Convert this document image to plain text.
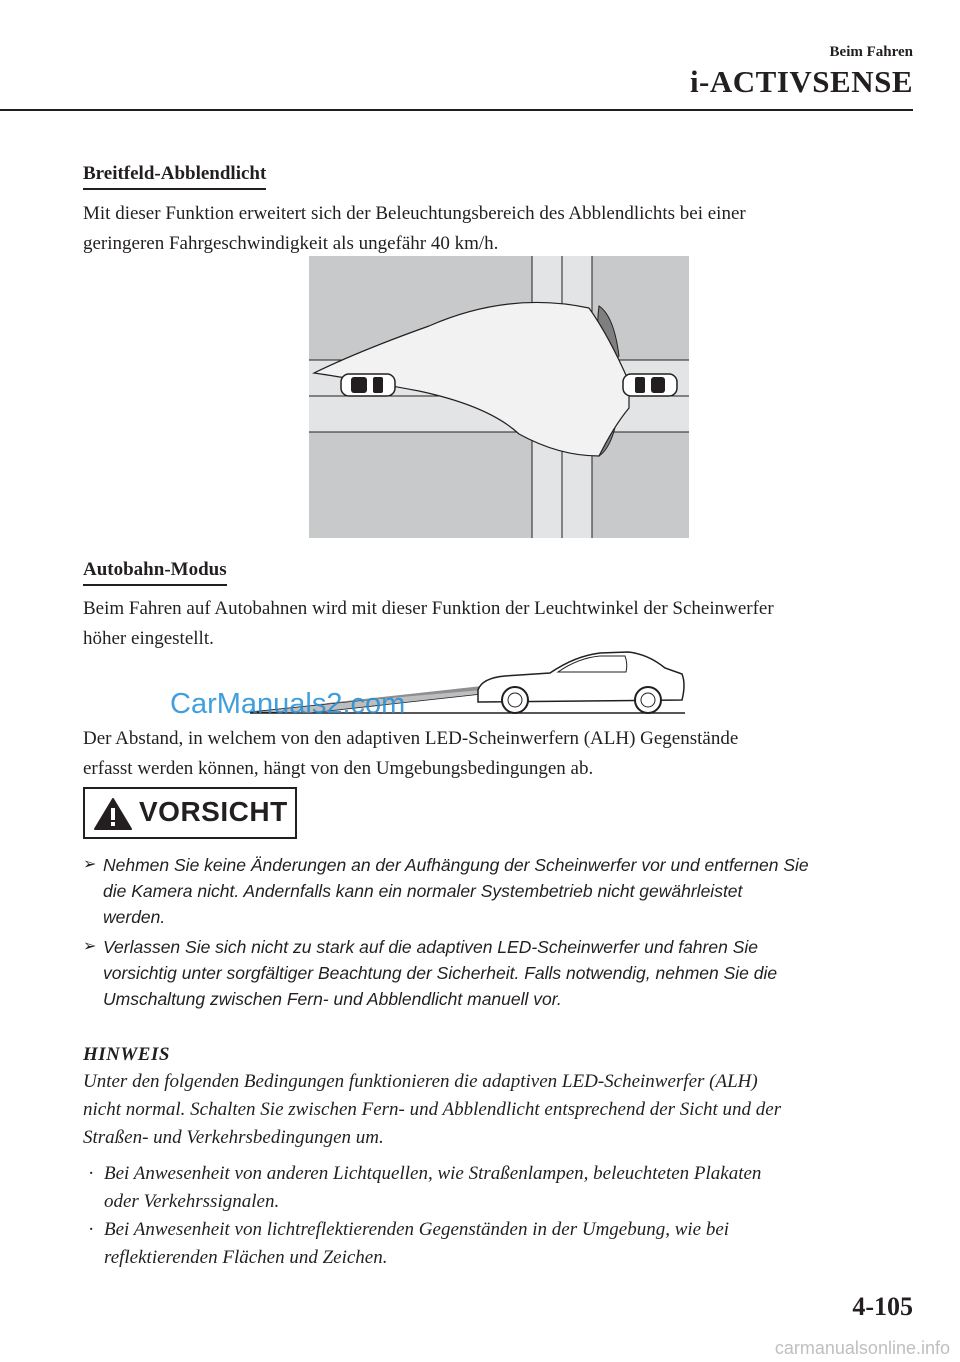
Beim Fahren
i-ACTIVSENSE
Breitfeld-Abblendlicht
Mit dieser Funktion erweitert sich der Beleuchtungsbereich des Abblendlichts bei einer
geringeren Fahrgeschwindigkeit als ungefähr 40 km/h.
Autobahn-Modus
Beim Fahren auf Autobahnen wird mit dieser Funktion der Leuchtwinkel der Scheinwerfer
höher eingestellt.
CarManuals2.com
Der Abstand, in welchem von den adaptiven LED-Scheinwerfern (ALH) Gegenstände
erfasst werden können, hängt von den Umgebungsbedingungen ab.
VORSICHT
➢ Nehmen Sie keine Änderungen an der Aufhängung der Scheinwerfer vor und entfernen Sie
die Kamera nicht. Andernfalls kann ein normaler Systembetrieb nicht gewährleistet
werden.
➢ Verlassen Sie sich nicht zu stark auf die adaptiven LED-Scheinwerfer und fahren Sie
vorsichtig unter sorgfältiger Beachtung der Sicherheit. Falls notwendig, nehmen Sie die
Umschaltung zwischen Fern- und Abblendlicht manuell vor.
HINWEIS
Unter den folgenden Bedingungen funktionieren die adaptiven LED-Scheinwerfer (ALH)
nicht normal. Schalten Sie zwischen Fern- und Abblendlicht entsprechend der Sicht und der
Straßen- und Verkehrsbedingungen um.
· Bei Anwesenheit von anderen Lichtquellen, wie Straßenlampen, beleuchteten Plakaten
oder Verkehrssignalen.
· Bei Anwesenheit von lichtreflektierenden Gegenständen in der Umgebung, wie bei
reflektierenden Flächen und Zeichen.
4-105
carmanualsonline.info
